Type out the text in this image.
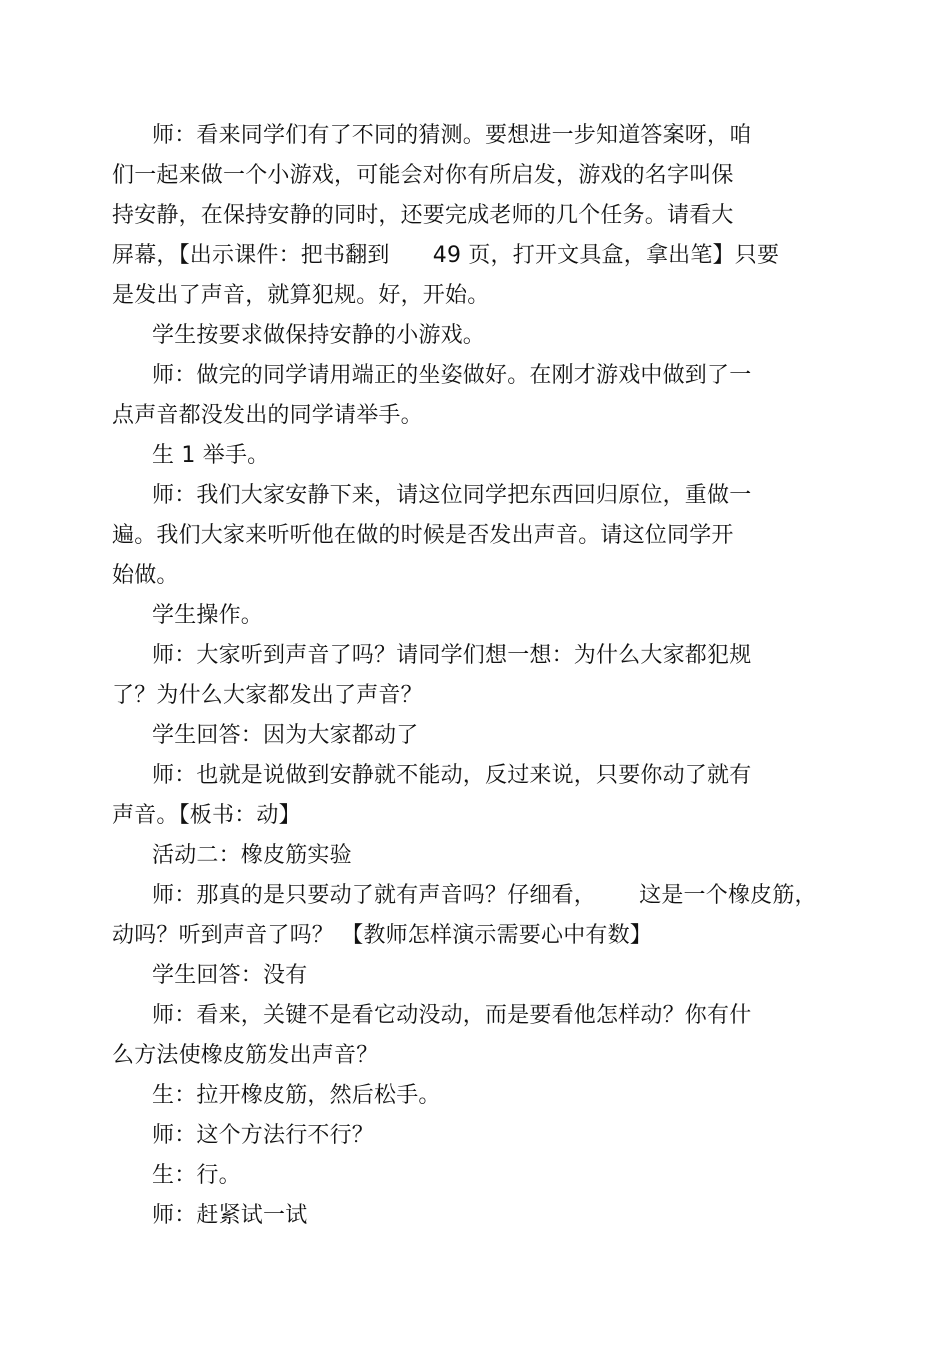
师：看来同学们有了不同的猜测。要想进一步知道答案呀，咱
们一起来做一个小游戏，可能会对你有所启发，游戏的名字叫保
持安静，在保持安静的同时，还要完成老师的几个任务。请看大
屏幕，【出示课件：把书翻到      49 页，打开文具盒，拿出笔】只要
是发出了声音，就算犯规。好，开始。
学生按要求做保持安静的小游戏。
师：做完的同学请用端正的坐姿做好。在刚才游戏中做到了一
点声音都没发出的同学请举手。
生 1 举手。
师：我们大家安静下来，请这位同学把东西回归原位，重做一
遍。我们大家来听听他在做的时候是否发出声音。请这位同学开
始做。
学生操作。
师：大家听到声音了吗？请同学们想一想：为什么大家都犯规
了？为什么大家都发出了声音？
学生回答：因为大家都动了
师：也就是说做到安静就不能动，反过来说，只要你动了就有
声音。【板书：动】
活动二：橡皮筋实验
师：那真的是只要动了就有声音吗？仔细看，      这是一个橡皮筋，
动吗？听到声音了吗？ 【教师怎样演示需要心中有数】
学生回答：没有
师：看来，关键不是看它动没动，而是要看他怎样动？你有什
么方法使橡皮筋发出声音？
生：拉开橡皮筋，然后松手。
师：这个方法行不行？
生：行。
师：赶紧试一试
